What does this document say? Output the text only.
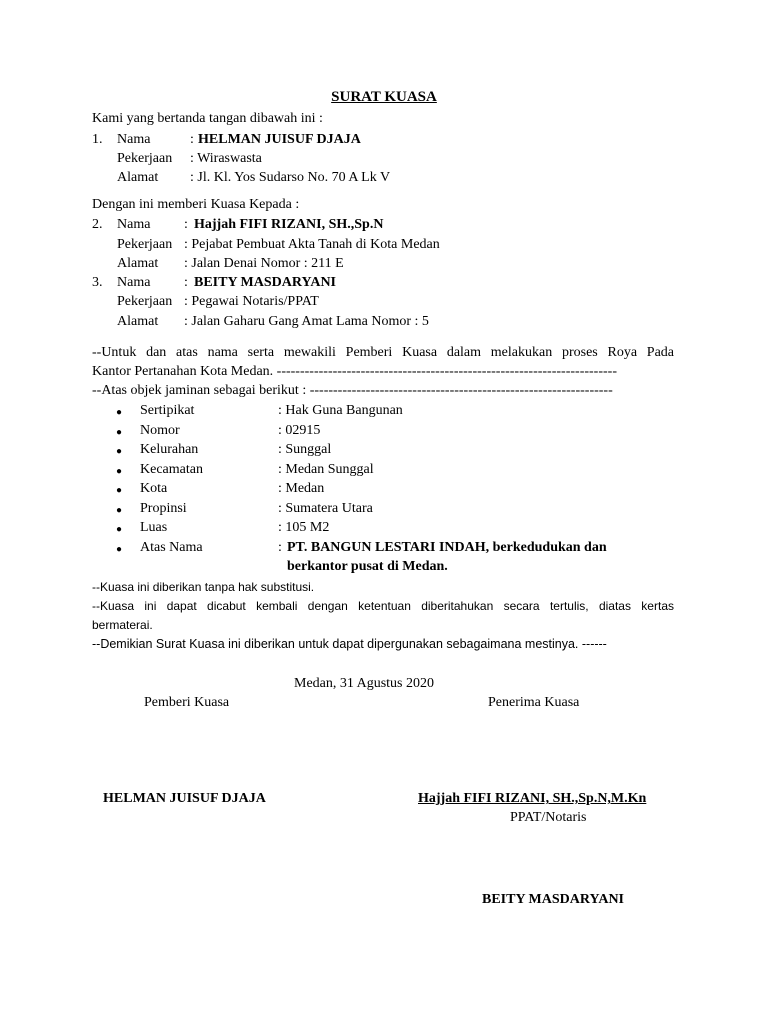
SURAT KUASA
Kami yang bertanda tangan dibawah ini :
1. Nama	: HELMAN JUISUF DJAJA
Pekerjaan : Wiraswasta
Alamat : Jl. Kl. Yos Sudarso No. 70 A Lk V
Dengan ini memberi Kuasa Kepada :
2. Nama : Hajjah FIFI RIZANI, SH.,Sp.N
Pekerjaan : Pejabat Pembuat Akta Tanah di Kota Medan
Alamat : Jalan Denai Nomor : 211 E
3. Nama : BEITY MASDARYANI
Pekerjaan : Pegawai Notaris/PPAT
Alamat : Jalan Gaharu Gang Amat Lama Nomor : 5
--Untuk dan atas nama serta mewakili Pemberi Kuasa dalam melakukan proses Roya Pada
Kantor Pertanahan Kota Medan. -------------------------------------------------------------------------
--Atas objek jaminan sebagai berikut : -----------------------------------------------------------------
● Sertipikat	: Hak Guna Bangunan
● Nomor	: 02915
● Kelurahan	: Sunggal
● Kecamatan	: Medan Sunggal
● Kota	: Medan
● Propinsi	: Sumatera Utara
● Luas	: 105 M2
● Atas Nama	: PT. BANGUN LESTARI INDAH, berkedudukan dan
berkantor pusat di Medan.
--Kuasa ini diberikan tanpa hak substitusi.
--Kuasa ini dapat dicabut kembali dengan ketentuan diberitahukan secara tertulis, diatas kertas
bermaterai.
--Demikian Surat Kuasa ini diberikan untuk dapat dipergunakan sebagaimana mestinya. ------
Medan, 31 Agustus 2020
Pemberi Kuasa	Penerima Kuasa
HELMAN JUISUF DJAJA	Hajjah FIFI RIZANI, SH.,Sp.N,M.Kn
PPAT/Notaris
BEITY MASDARYANI
